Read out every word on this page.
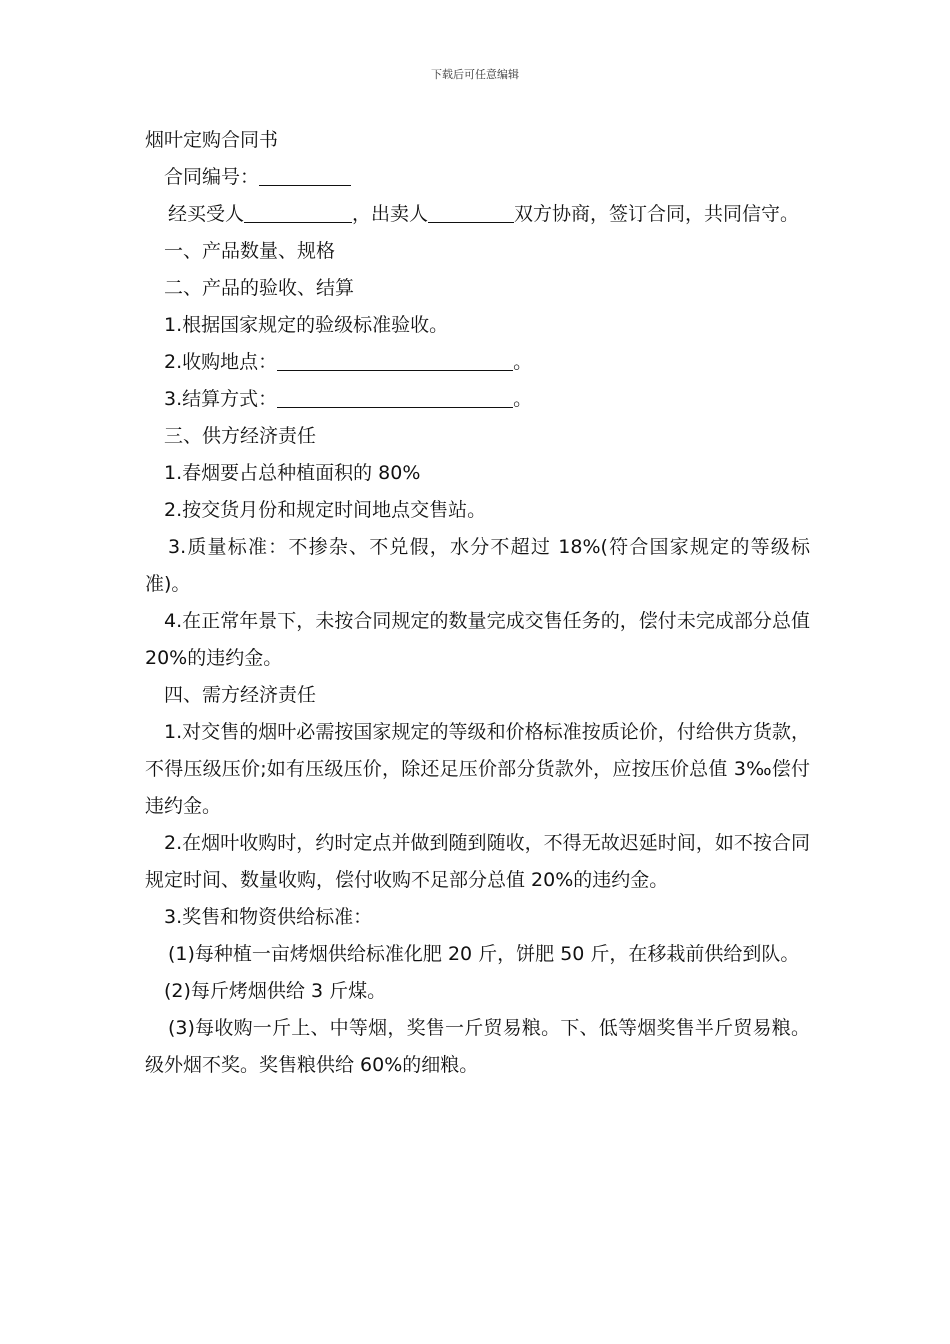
下载后可任意编辑
烟叶定购合同书
合同编号：
经买受人	，出卖人	双方协商，签订合同，共同信守。
一、产品数量、规格
二、产品的验收、结算
1.根据国家规定的验级标准验收。
2.收购地点：	。
3.结算方式：	。
三、供方经济责任
1.春烟要占总种植面积的 80%
2.按交货月份和规定时间地点交售站。
3.质量标准：不掺杂、不兑假，水分不超过 18%(符合国家规定的等级标准)。
4.在正常年景下，未按合同规定的数量完成交售任务的，偿付未完成部分总值 20%的违约金。
四、需方经济责任
1.对交售的烟叶必需按国家规定的等级和价格标准按质论价，付给供方货款，不得压级压价;如有压级压价，除还足压价部分货款外，应按压价总值 3‰偿付违约金。
2.在烟叶收购时，约时定点并做到随到随收，不得无故迟延时间，如不按合同规定时间、数量收购，偿付收购不足部分总值 20%的违约金。
3.奖售和物资供给标准：
(1)每种植一亩烤烟供给标准化肥 20 斤，饼肥 50 斤，在移栽前供给到队。
(2)每斤烤烟供给 3 斤煤。
(3)每收购一斤上、中等烟，奖售一斤贸易粮。下、低等烟奖售半斤贸易粮。级外烟不奖。奖售粮供给 60%的细粮。
